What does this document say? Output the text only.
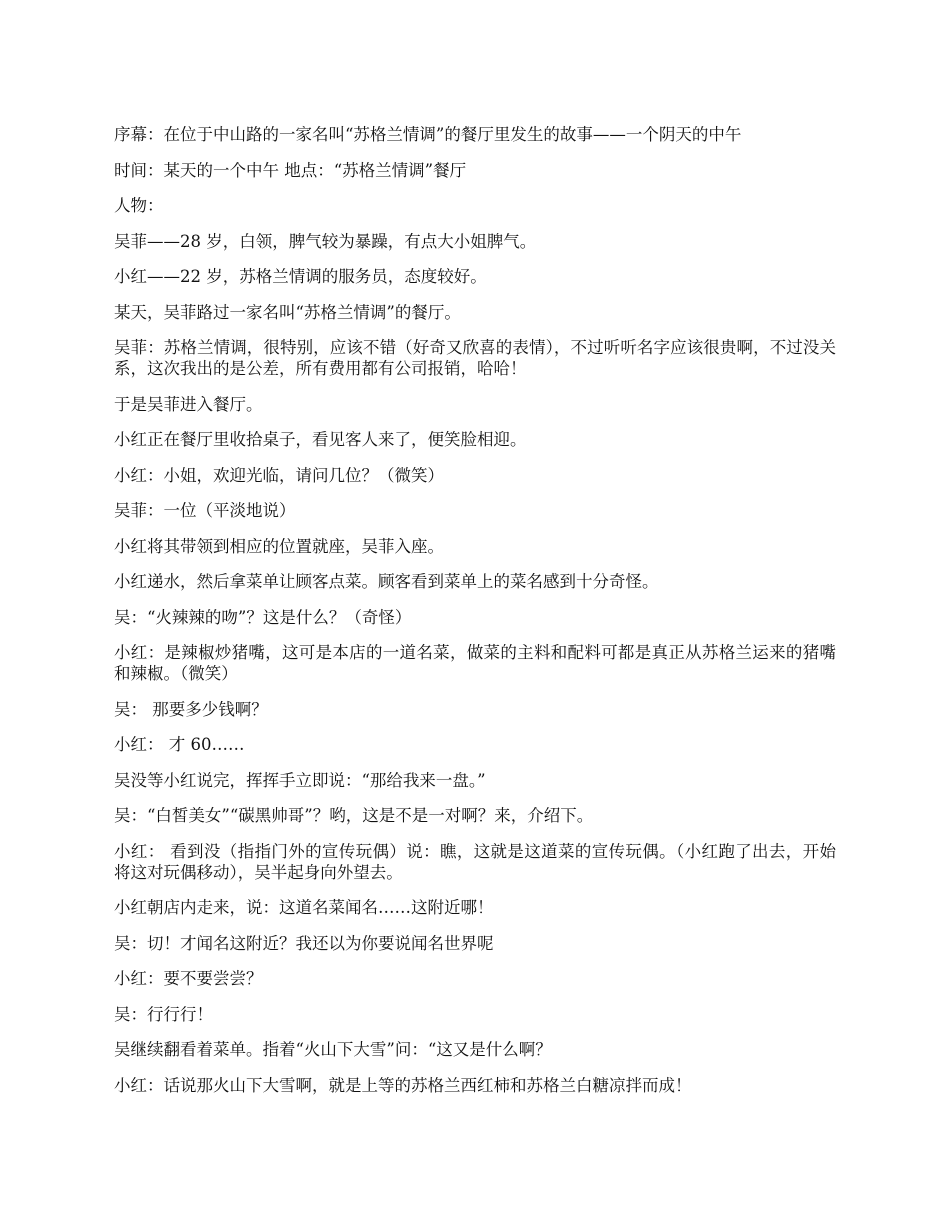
序幕：在位于中山路的一家名叫“苏格兰情调”的餐厅里发生的故事——一个阴天的中午

时间：某天的一个中午 地点：“苏格兰情调”餐厅

人物：

吴菲——28 岁，白领，脾气较为暴躁，有点大小姐脾气。

小红——22 岁，苏格兰情调的服务员，态度较好。

某天，吴菲路过一家名叫“苏格兰情调”的餐厅。

吴菲：苏格兰情调，很特别，应该不错（好奇又欣喜的表情），不过听听名字应该很贵啊，不过没关系，这次我出的是公差，所有费用都有公司报销，哈哈！

于是吴菲进入餐厅。

小红正在餐厅里收拾桌子，看见客人来了，便笑脸相迎。

小红：小姐，欢迎光临，请问几位？（微笑）

吴菲：一位（平淡地说）

小红将其带领到相应的位置就座，吴菲入座。

小红递水，然后拿菜单让顾客点菜。顾客看到菜单上的菜名感到十分奇怪。

吴：“火辣辣的吻”？这是什么？（奇怪）

小红：是辣椒炒猪嘴，这可是本店的一道名菜，做菜的主料和配料可都是真正从苏格兰运来的猪嘴和辣椒。（微笑）

吴： 那要多少钱啊？

小红： 才 60……

吴没等小红说完，挥挥手立即说：“那给我来一盘。”

吴：“白皙美女”“碳黑帅哥”？哟，这是不是一对啊？来，介绍下。

小红： 看到没（指指门外的宣传玩偶）说：瞧，这就是这道菜的宣传玩偶。（小红跑了出去，开始将这对玩偶移动），吴半起身向外望去。

小红朝店内走来，说：这道名菜闻名……这附近哪！

吴：切！才闻名这附近？我还以为你要说闻名世界呢

小红：要不要尝尝？

吴：行行行！

吴继续翻看着菜单。指着“火山下大雪”问：“这又是什么啊？

小红：话说那火山下大雪啊，就是上等的苏格兰西红柿和苏格兰白糖凉拌而成！
